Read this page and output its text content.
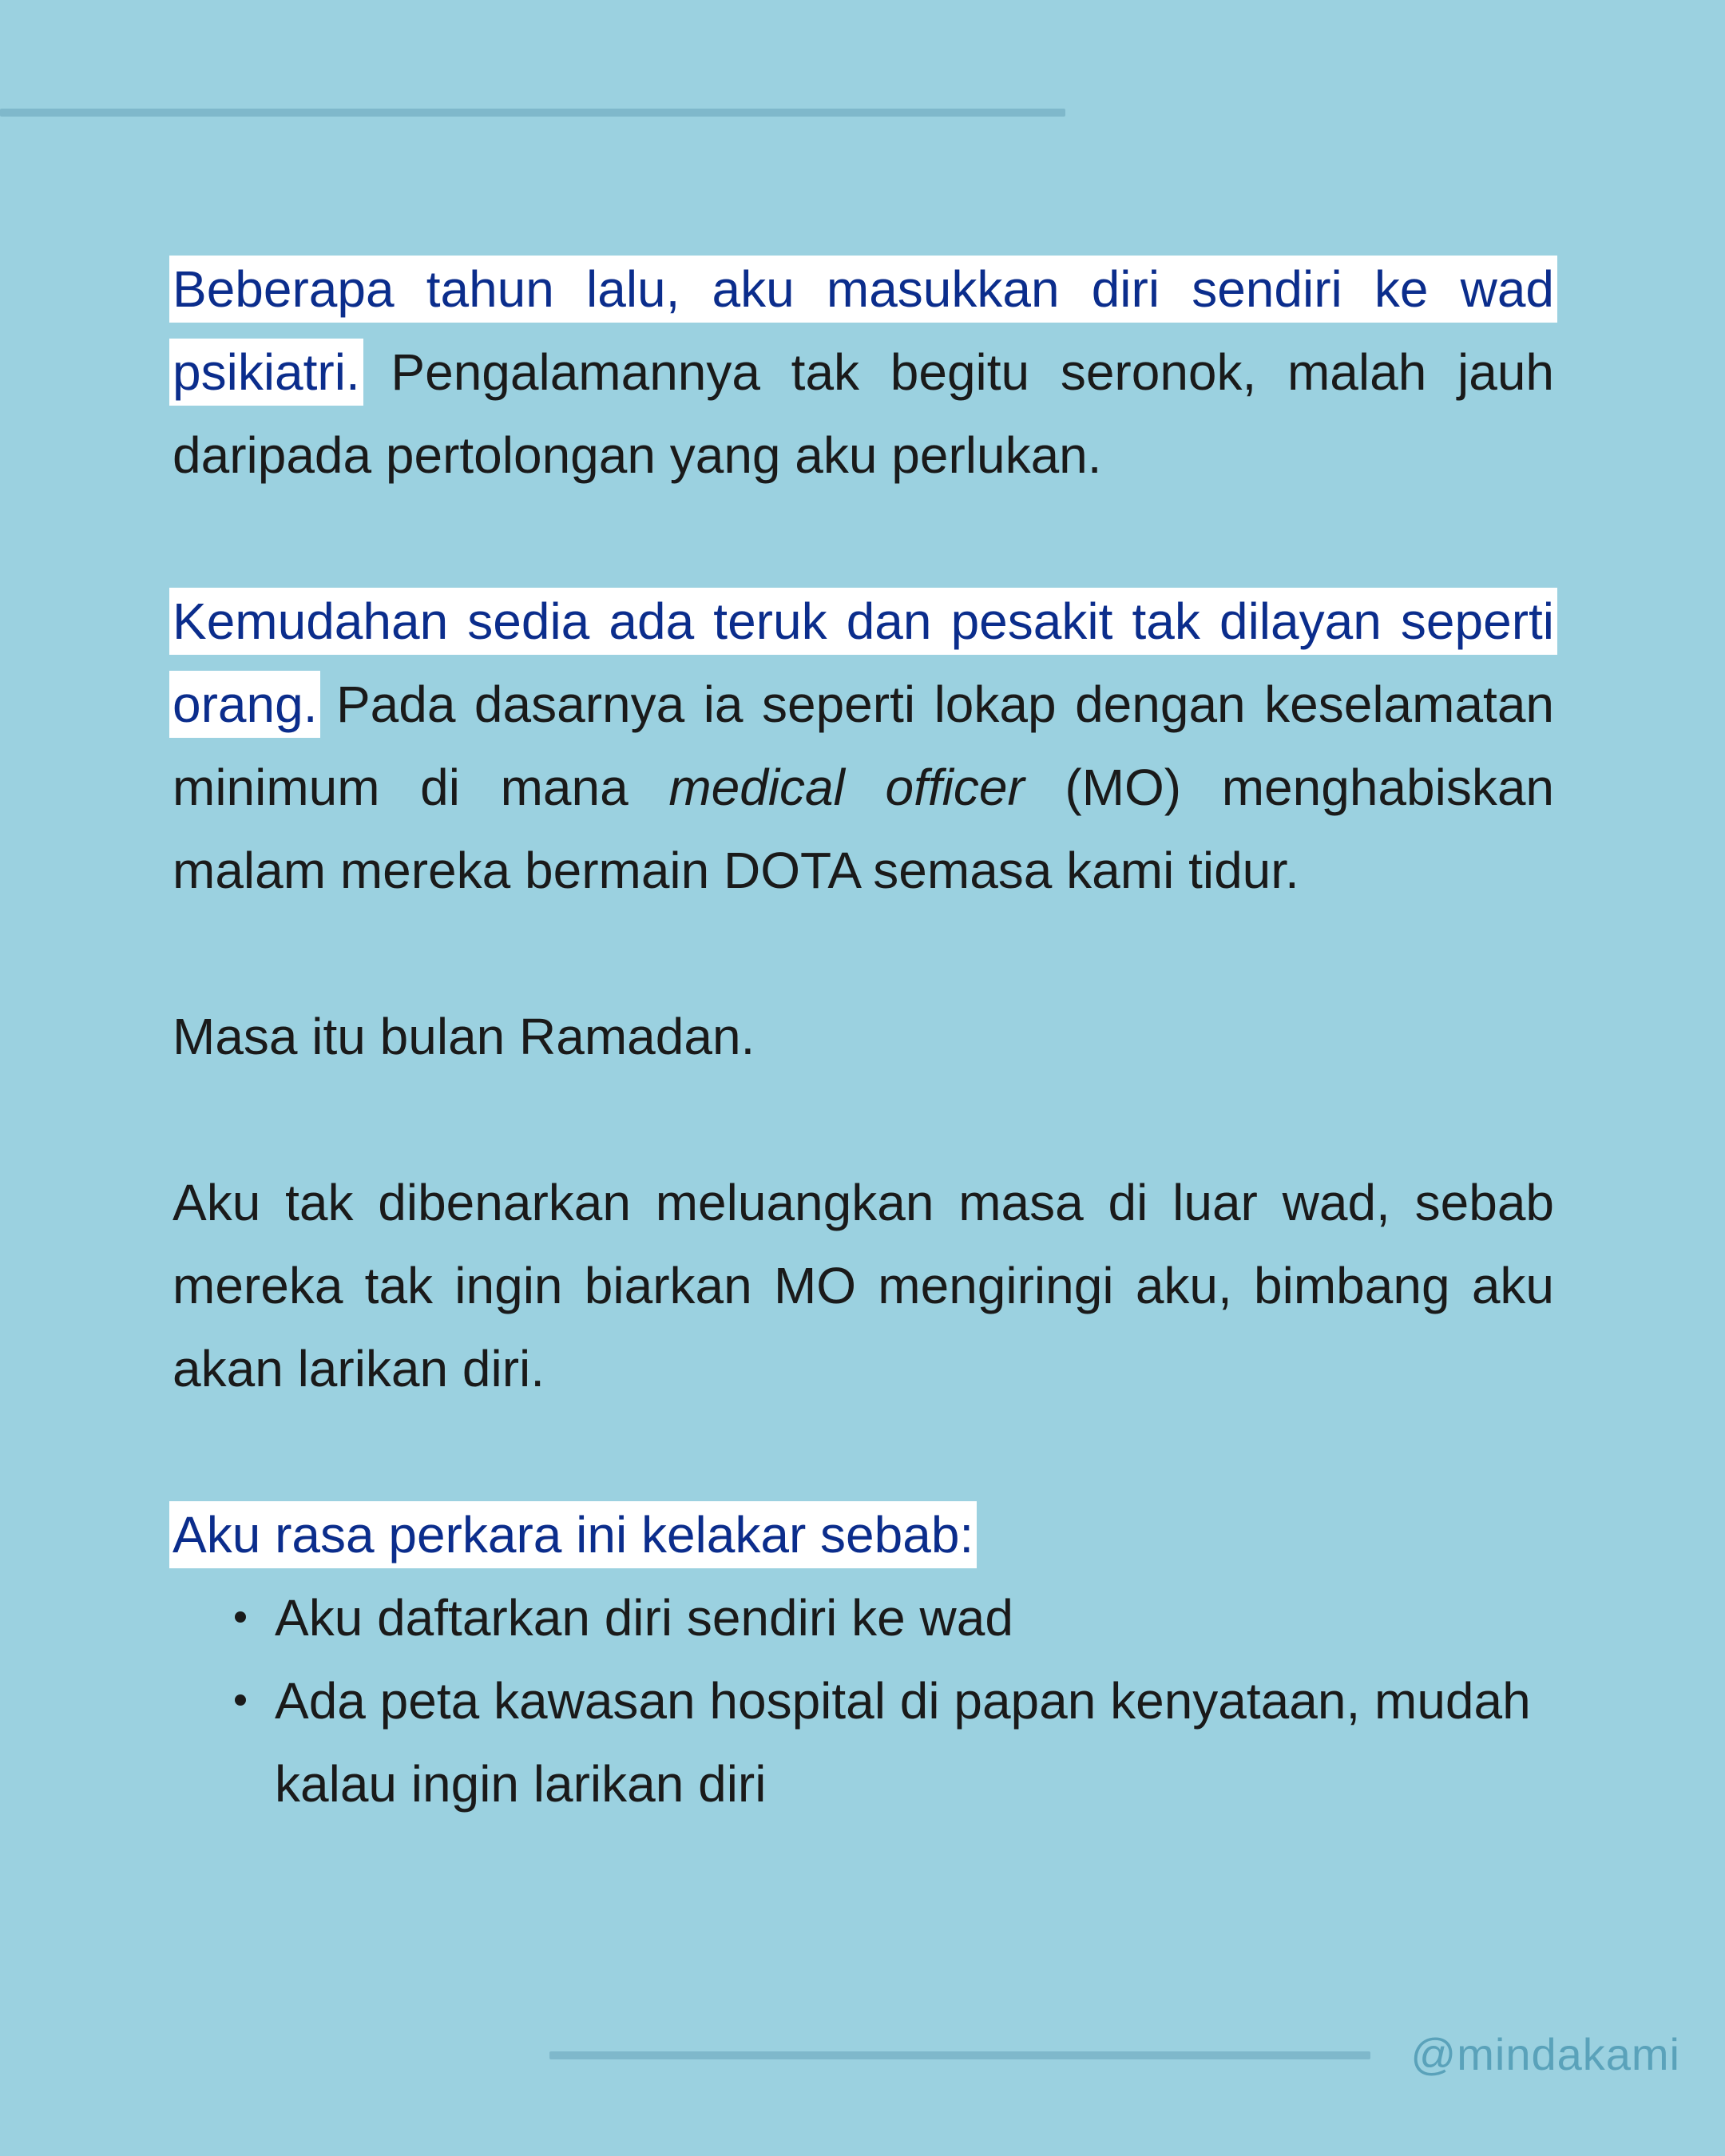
Beberapa tahun lalu, aku masukkan diri sendiri ke wad psikiatri. Pengalamannya tak begitu seronok, malah jauh daripada pertolongan yang aku perlukan.

Kemudahan sedia ada teruk dan pesakit tak dilayan seperti orang. Pada dasarnya ia seperti lokap dengan keselamatan minimum di mana medical officer (MO) menghabiskan malam mereka bermain DOTA semasa kami tidur.

Masa itu bulan Ramadan.

Aku tak dibenarkan meluangkan masa di luar wad, sebab mereka tak ingin biarkan MO mengiringi aku, bimbang aku akan larikan diri.

Aku rasa perkara ini kelakar sebab:

Aku daftarkan diri sendiri ke wad
Ada peta kawasan hospital di papan kenyataan, mudah kalau ingin larikan diri
@mindakami
